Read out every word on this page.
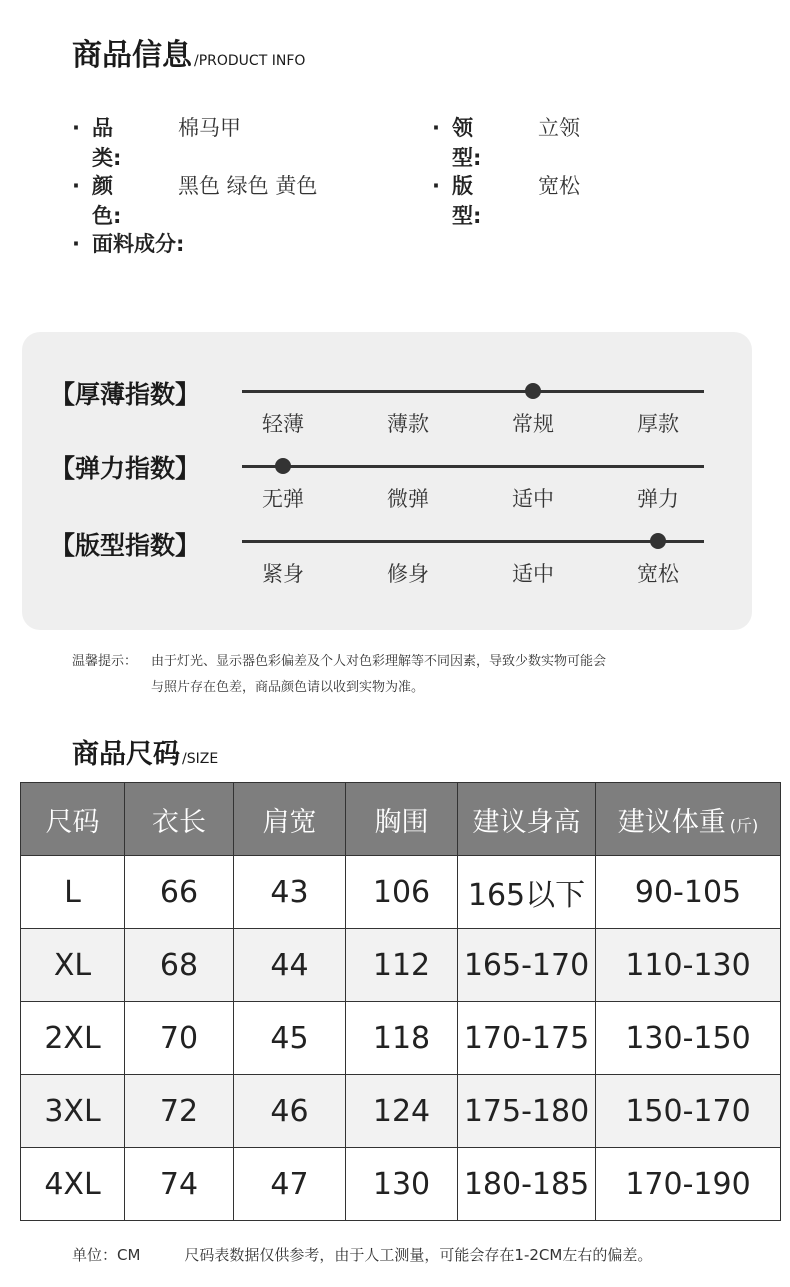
商品信息 /PRODUCT INFO
· 品　　类:
棉马甲	· 领　　型:
立领
· 颜　　色:
黑色 绿色 黄色	· 版　　型:
宽松
· 面料成分:
【厚薄指数】
轻薄	薄款	常规	厚款
【弹力指数】
无弹	微弹	适中	弹力
【版型指数】
紧身	修身	适中	宽松
温馨提示： 由于灯光、显示器色彩偏差及个人对色彩理解等不同因素，导致少数实物可能会
与照片存在色差，商品颜色请以收到实物为准。
商品尺码 /SIZE
尺码	衣长	肩宽	胸围	建议身高	建议体重 (斤)
L	66	43	106	165以下	90-105
XL	68	44	112	165-170	110-130
2XL	70	45	118	170-175	130-150
3XL	72	46	124	175-180	150-170
4XL	74	47	130	180-185	170-190
单位：CM	尺码表数据仅供参考，由于人工测量，可能会存在1-2CM左右的偏差。
